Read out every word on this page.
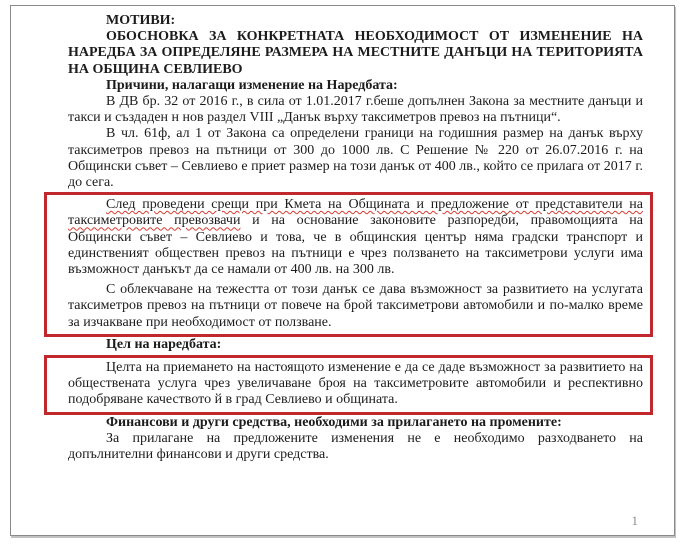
МОТИВИ:

ОБОСНОВКА ЗА КОНКРЕТНАТА НЕОБХОДИМОСТ ОТ ИЗМЕНЕНИЕ НА НАРЕДБА ЗА ОПРЕДЕЛЯНЕ РАЗМЕРА НА МЕСТНИТЕ ДАНЪЦИ НА ТЕРИТОРИЯТА НА ОБЩИНА СЕВЛИЕВО

Причини, налагащи изменение на Наредбата:

В ДВ бр. 32 от 2016 г., в сила от 1.01.2017 г.беше допълнен Закона за местните данъци и такси и създаден н нов раздел VIII „Данък върху таксиметров превоз на пътници“.

В чл. 61ф, ал 1 от Закона са определени граници на годишния размер на данък върху таксиметров превоз на пътници от 300 до 1000 лв. С Решение № 220 от 26.07.2016 г. на Общински съвет – Севлиево е приет размер на този данък от 400 лв., който се прилага от 2017 г. до сега.

След проведени срещи при Кмета на Общината и предложение от представители на таксиметровите превозвачи и на основание законовите разпоредби, правомощията на Общински съвет – Севлиево и това, че в общинския център няма градски транспорт и единственият обществен превоз на пътници е чрез ползването на таксиметрови услуги има възможност данъкът да се намали от 400 лв. на 300 лв.

С облекчаване на тежестта от този данък се дава възможност за развитието на услугата таксиметров превоз на пътници от повече на брой таксиметрови автомобили и по-малко време за изчакване при необходимост от ползване.

Цел на наредбата:

Целта на приемането на настоящото изменение е да се даде възможност за развитието на обществената услуга чрез увеличаване броя на таксиметровите автомобили и респективно подобряване качеството й в град Севлиево и общината.

Финансови и други средства, необходими за прилагането на промените:

За прилагане на предложените изменения не е необходимо разходването на допълнителни финансови и други средства.

1
